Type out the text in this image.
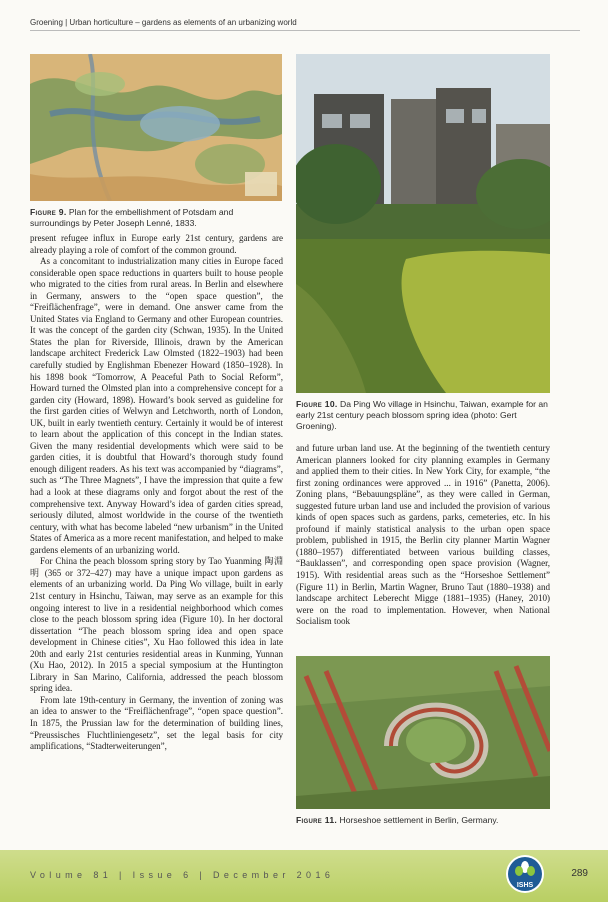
Groening | Urban horticulture – gardens as elements of an urbanizing world
Figure 9. Plan for the embellishment of Potsdam and surroundings by Peter Joseph Lenné, 1833.
Figure 10. Da Ping Wo village in Hsinchu, Taiwan, example for an early 21st century peach blossom spring idea (photo: Gert Groening).

present refugee influx in Europe early 21st century, gardens are already playing a role of comfort of the common ground.

As a concomitant to industrialization many cities in Europe faced considerable open space reductions in quarters built to house people who migrated to the cities from rural areas. In Berlin and elsewhere in Germany, answers to the “open space question”, the “Freiflächenfrage”, were in demand. One answer came from the United States via England to Germany and other European countries. It was the concept of the garden city (Schwan, 1935). In the United States the plan for Riverside, Illinois, drawn by the American landscape architect Frederick Law Olmsted (1822–1903) had been carefully studied by Englishman Ebenezer Howard (1850–1928). In his 1898 book “Tomorrow, A Peaceful Path to Social Reform”, Howard turned the Olmsted plan into a comprehensive concept for a garden city (Howard, 1898). Howard’s book served as guideline for the first garden cities of Welwyn and Letchworth, north of London, UK, built in early twentieth century. Certainly it would be of interest to learn about the application of this concept in the Indian states. Given the many residential developments which were said to be garden cities, it is doubtful that Howard’s thorough study found enough diligent readers. As his text was accompanied by “diagrams”, such as “The Three Magnets”, I have the impression that quite a few had a look at these diagrams only and forgot about the rest of the comprehensive text. Anyway Howard’s idea of garden cities spread, seriously diluted, almost worldwide in the course of the twentieth century, with what has become labeled “new urbanism” in the United States of America as a more recent manifestation, and helped to make gardens elements of an urbanizing world.

For China the peach blossom spring story by Tao Yuanming 陶淵明 (365 or 372–427) may have a unique impact upon gardens as elements of an urbanizing world. Da Ping Wo village, built in early 21st century in Hsinchu, Taiwan, may serve as an example for this ongoing interest to live in a residential neighborhood which comes close to the peach blossom spring idea (Figure 10). In her doctoral dissertation “The peach blossom spring idea and open space development in Chinese cities”, Xu Hao followed this idea in late 20th and early 21st centuries residential areas in Kunming, Yunnan (Xu Hao, 2012). In 2015 a special symposium at the Huntington Library in San Marino, California, addressed the peach blossom spring idea.

From late 19th-century in Germany, the invention of zoning was an idea to answer to the “Freiflächenfrage”, “open space question”. In 1875, the Prussian law for the determination of building lines, “Preussisches Fluchtliniengesetz”, set the legal basis for city amplifications, “Stadterweiterungen”,

and future urban land use. At the beginning of the twentieth century American planners looked for city planning examples in Germany and applied them to their cities. In New York City, for example, “the first zoning ordinances were approved ... in 1916” (Panetta, 2006). Zoning plans, “Bebauungspläne”, as they were called in German, suggested future urban land use and included the provision of various kinds of open spaces such as gardens, parks, cemeteries, etc. In his profound if mainly statistical analysis to the urban open space problem, published in 1915, the Berlin city planner Martin Wagner (1880–1957) differentiated between various building classes, “Bauklassen”, and corresponding open space provision (Wagner, 1915). With residential areas such as the “Horseshoe Settlement” (Figure 11) in Berlin, Martin Wagner, Bruno Taut (1880–1938) and landscape architect Leberecht Migge (1881–1935) (Haney, 2010) were on the road to implementation. However, when National Socialism took

Figure 11. Horseshoe settlement in Berlin, Germany.
Volume 81 | Issue 6 | December 2016
ISHS
289
